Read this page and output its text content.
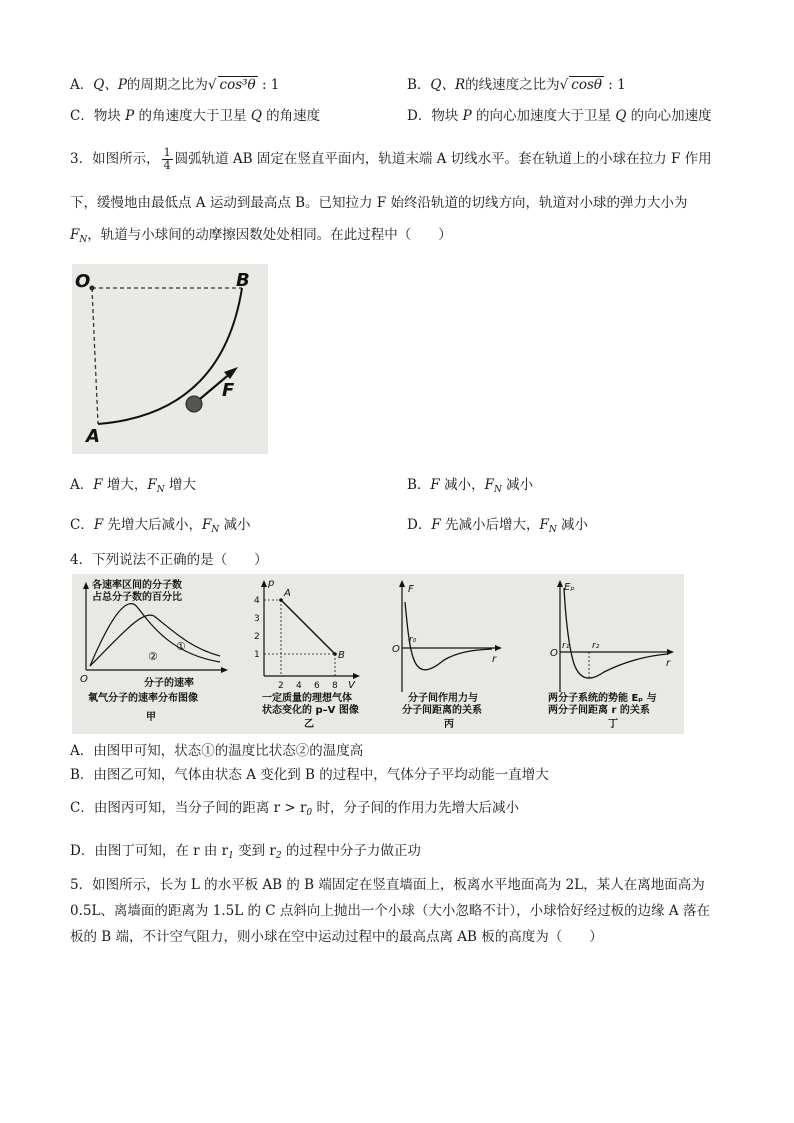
A．Q、P的周期之比为√ cos³θ : 1	B．Q、R的线速度之比为√ cosθ : 1
C．物块 P 的角速度大于卫星 Q 的角速度	D．物块 P 的向心加速度大于卫星 Q 的向心加速度
3．如图所示， $\frac{1}{4}$ 圆弧轨道 AB 固定在竖直平面内，轨道末端 A 切线水平。套在轨道上的小球在拉力 F 作用
下，缓慢地由最低点 A 运动到最高点 B。已知拉力 F 始终沿轨道的切线方向，轨道对小球的弹力大小为
$F_N$，轨道与小球间的动摩擦因数处处相同。在此过程中（　　）
O	B
A
F
A．F 增大，$F_N$ 增大	B．F 减小，$F_N$ 减小
C．F 先增大后减小，$F_N$ 减小	D．F 先减小后增大，$F_N$ 减小
4．下列说法不正确的是（　　）
各速率区间的分子数
占总分子数的百分比
①
②
O	分子的速率
氧气分子的速率分布图像
甲
p
V
A
B
4
3
2
1
2 4 6 8
一定质量的理想气体
状态变化的 p–V 图像
乙
F
O
r₀
r
分子间作用力与
分子间距离的关系
丙
Eₚ
O
r₁	r₂
r
两分子系统的势能 Eₚ 与
两分子间距离 r 的关系
丁
A．由图甲可知，状态①的温度比状态②的温度高
B．由图乙可知，气体由状态 A 变化到 B 的过程中，气体分子平均动能一直增大
C．由图丙可知，当分子间的距离 $r > r_0$ 时，分子间的作用力先增大后减小
D．由图丁可知，在 r 由 $r_1$ 变到 $r_2$ 的过程中分子力做正功
5．如图所示，长为 L 的水平板 AB 的 B 端固定在竖直墙面上，板离水平地面高为 2L，某人在离地面高为
0.5L、离墙面的距离为 1.5L 的 C 点斜向上抛出一个小球（大小忽略不计），小球恰好经过板的边缘 A 落在
板的 B 端，不计空气阻力，则小球在空中运动过程中的最高点离 AB 板的高度为（　　）
